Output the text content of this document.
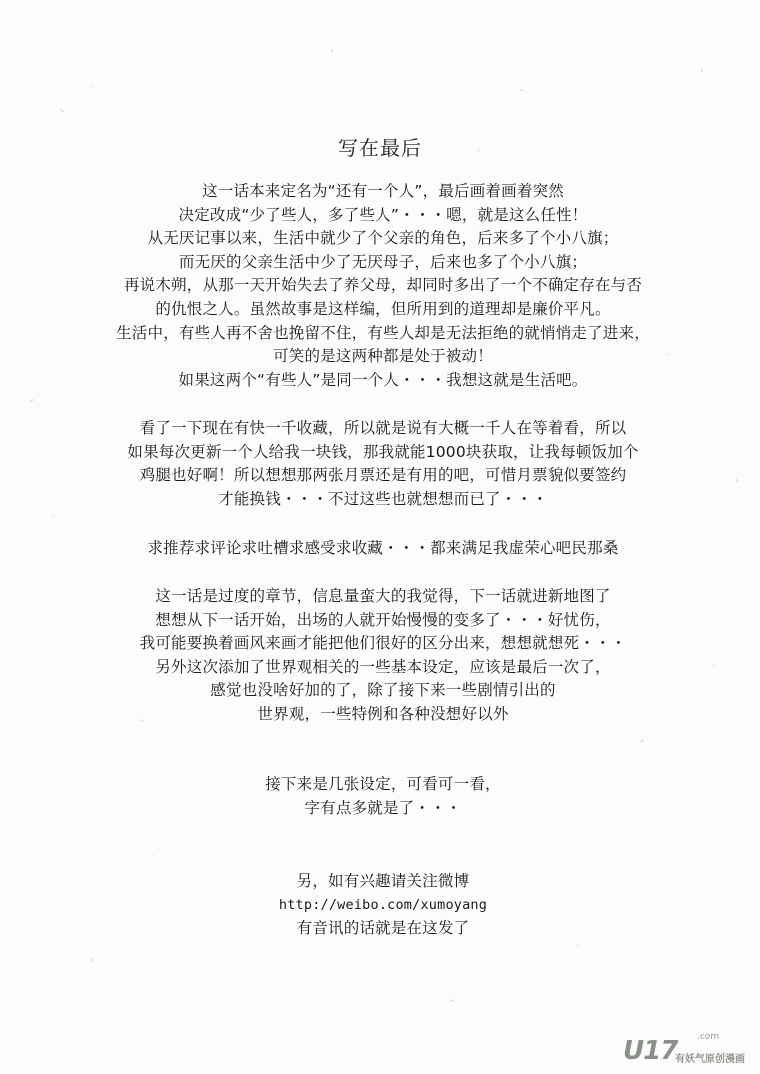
写在最后
这一话本来定名为“还有一个人”，最后画着画着突然
决定改成“少了些人，多了些人”・・・嗯，就是这么任性！
从无厌记事以来，生活中就少了个父亲的角色，后来多了个小八旗；
而无厌的父亲生活中少了无厌母子，后来也多了个小八旗；
再说木朔，从那一天开始失去了养父母，却同时多出了一个不确定存在与否
的仇恨之人。虽然故事是这样编，但所用到的道理却是廉价平凡。
生活中，有些人再不舍也挽留不住，有些人却是无法拒绝的就悄悄走了进来，
可笑的是这两种都是处于被动！
如果这两个“有些人”是同一个人・・・我想这就是生活吧。
看了一下现在有快一千收藏，所以就是说有大概一千人在等着看，所以
如果每次更新一个人给我一块钱，那我就能1000块获取，让我每顿饭加个
鸡腿也好啊！所以想想那两张月票还是有用的吧，可惜月票貌似要签约
才能换钱・・・不过这些也就想想而已了・・・
求推荐求评论求吐槽求感受求收藏・・・都来满足我虚荣心吧民那桑
这一话是过度的章节，信息量蛮大的我觉得，下一话就进新地图了
想想从下一话开始，出场的人就开始慢慢的变多了・・・好忧伤，
我可能要换着画风来画才能把他们很好的区分出来，想想就想死・・・
另外这次添加了世界观相关的一些基本设定，应该是最后一次了，
感觉也没啥好加的了，除了接下来一些剧情引出的
世界观，一些特例和各种没想好以外
接下来是几张设定，可看可一看，
字有点多就是了・・・
另，如有兴趣请关注微博
http://weibo.com/xumoyang
有音讯的话就是在这发了
U17 .com
有妖气原创漫画
